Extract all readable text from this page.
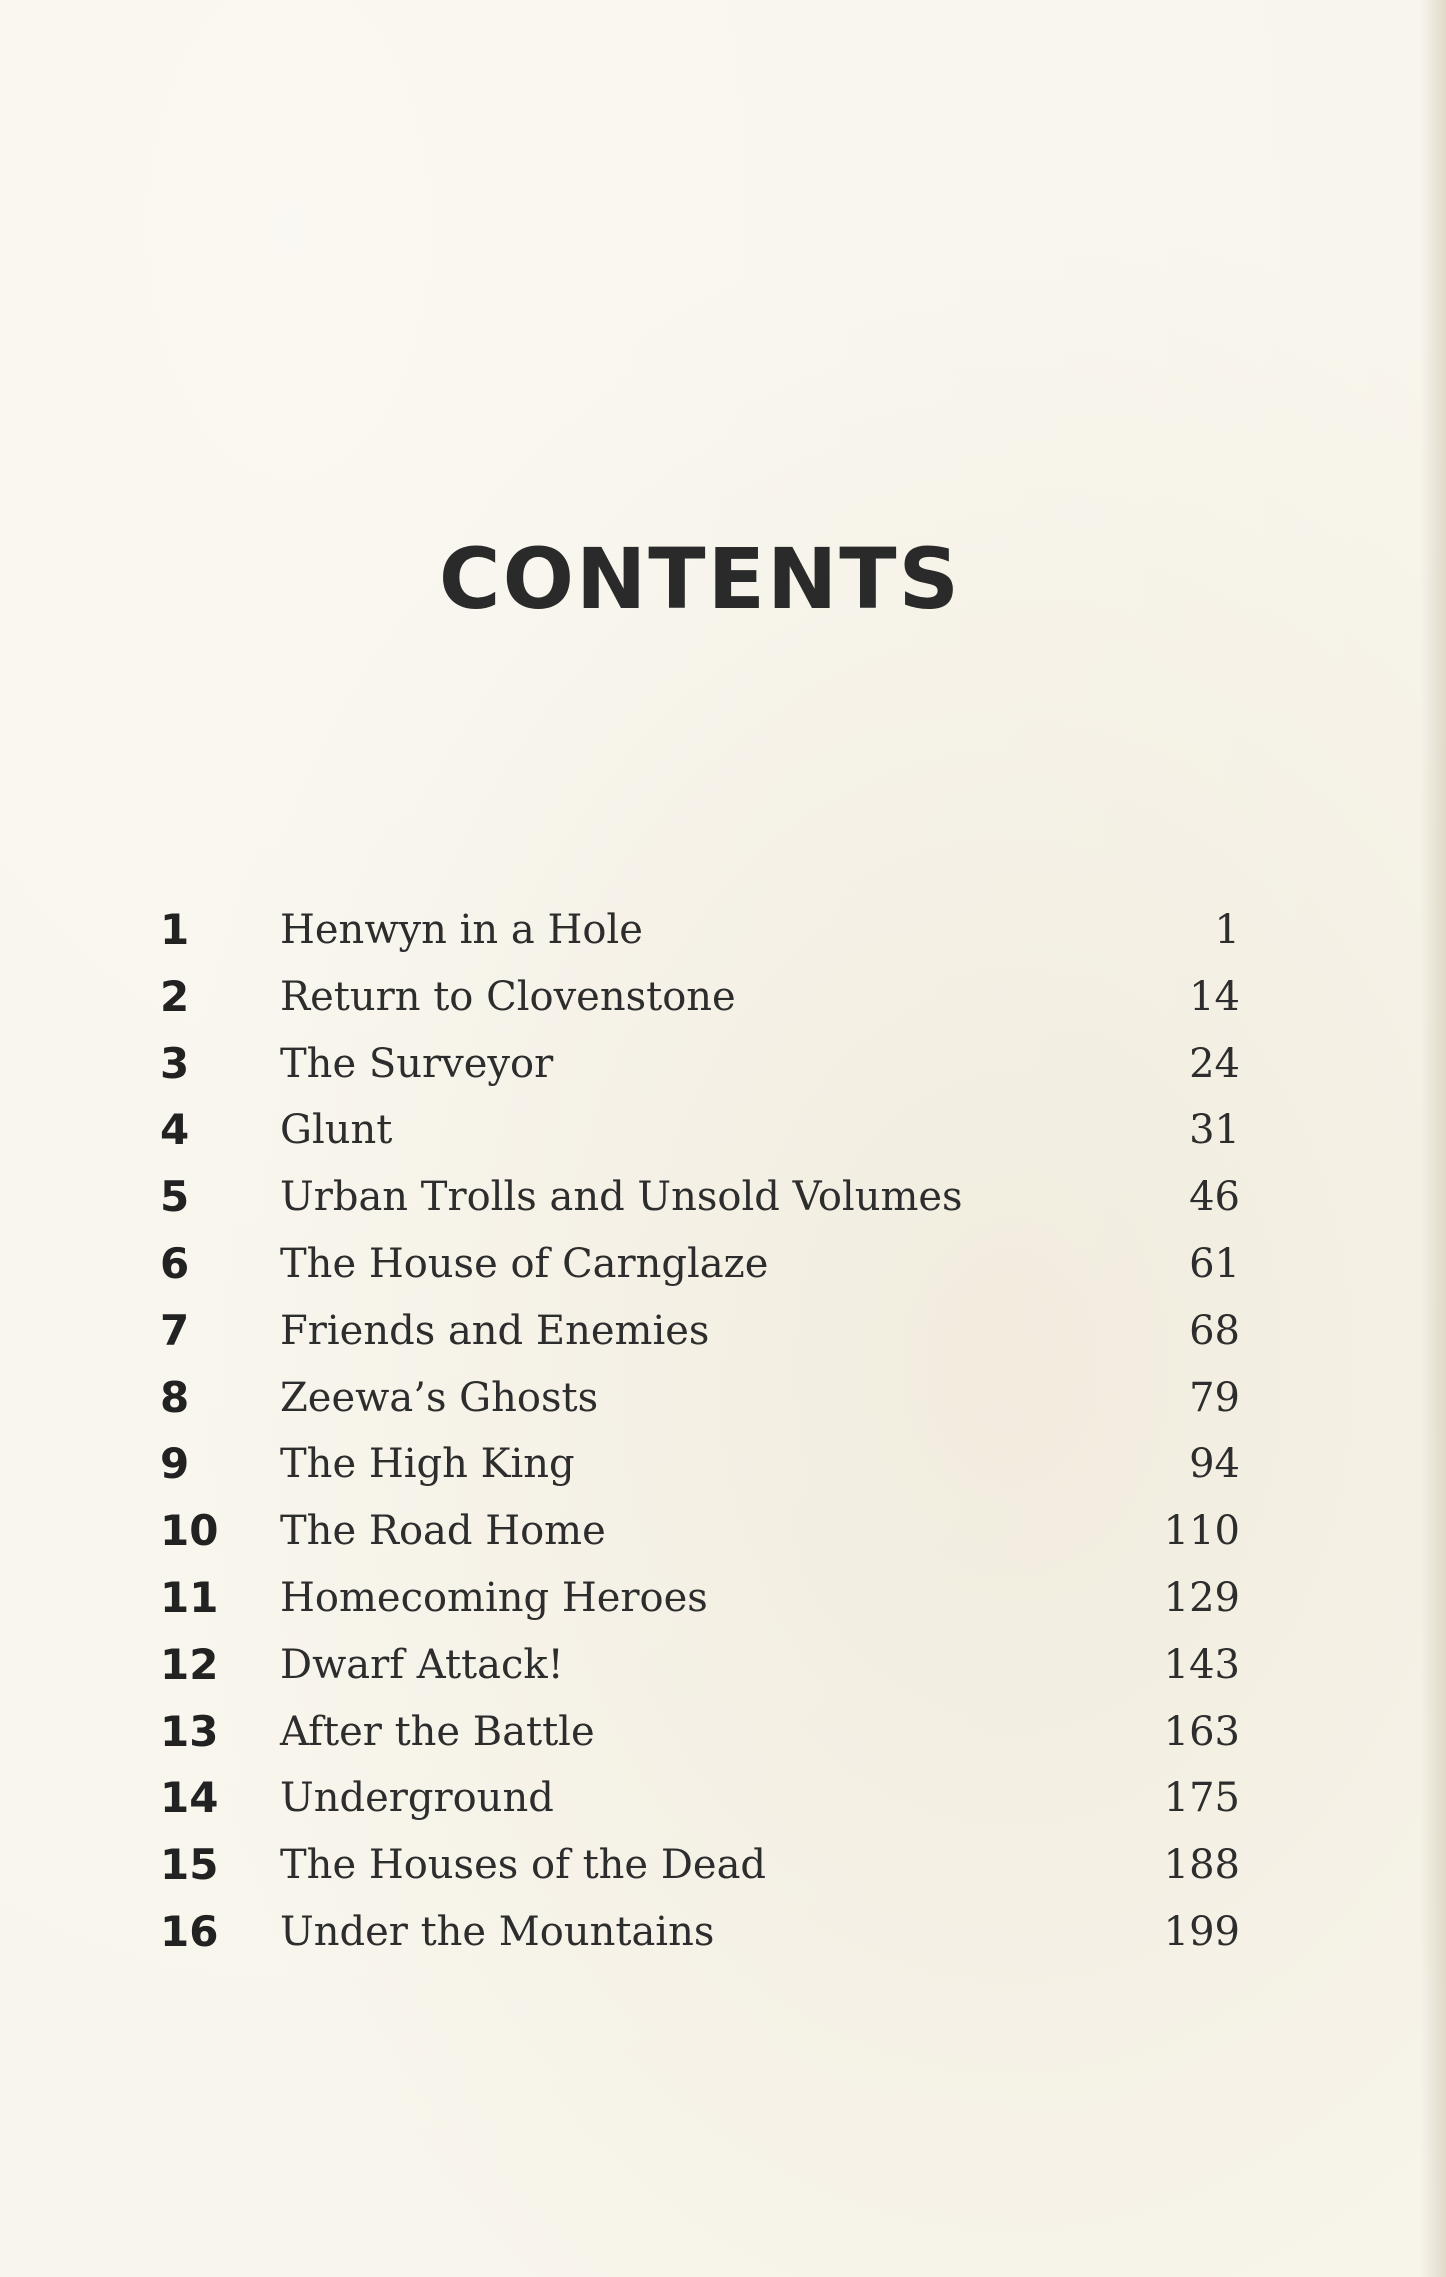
CONTENTS
1 Henwyn in a Hole	1
2 Return to Clovenstone	14
3 The Surveyor	24
4 Glunt	31
5 Urban Trolls and Unsold Volumes	46
6 The House of Carnglaze	61
7 Friends and Enemies	68
8 Zeewa’s Ghosts	79
9 The High King	94
10 The Road Home	110
11 Homecoming Heroes	129
12 Dwarf Attack!	143
13 After the Battle	163
14 Underground	175
15 The Houses of the Dead	188
16 Under the Mountains	199
